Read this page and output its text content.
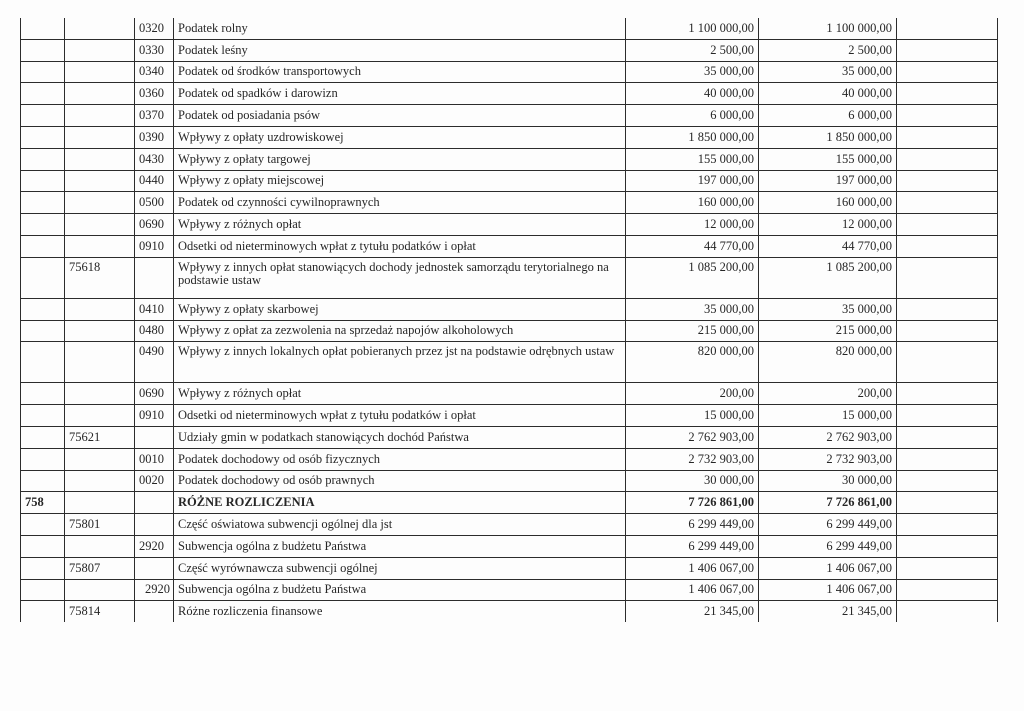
		0320	Podatek rolny	1 100 000,00	1 100 000,00	
		0330	Podatek leśny	2 500,00	2 500,00	
		0340	Podatek od środków transportowych	35 000,00	35 000,00	
		0360	Podatek od spadków i darowizn	40 000,00	40 000,00	
		0370	Podatek od posiadania psów	6 000,00	6 000,00	
		0390	Wpływy z opłaty uzdrowiskowej	1 850 000,00	1 850 000,00	
		0430	Wpływy z opłaty targowej	155 000,00	155 000,00	
		0440	Wpływy z opłaty miejscowej	197 000,00	197 000,00	
		0500	Podatek od czynności cywilnoprawnych	160 000,00	160 000,00	
		0690	Wpływy z różnych opłat	12 000,00	12 000,00	
		0910	Odsetki od nieterminowych wpłat z tytułu podatków i opłat	44 770,00	44 770,00	
	75618		Wpływy z innych opłat stanowiących dochody jednostek samorządu terytorialnego na podstawie ustaw	1 085 200,00	1 085 200,00	
		0410	Wpływy z opłaty skarbowej	35 000,00	35 000,00	
		0480	Wpływy z opłat za zezwolenia na sprzedaż napojów alkoholowych	215 000,00	215 000,00	
		0490	Wpływy z innych lokalnych opłat pobieranych przez jst na podstawie odrębnych ustaw	820 000,00	820 000,00	
		0690	Wpływy z różnych opłat	200,00	200,00	
		0910	Odsetki od nieterminowych wpłat z tytułu podatków i opłat	15 000,00	15 000,00	
	75621		Udziały gmin w podatkach stanowiących dochód Państwa	2 762 903,00	2 762 903,00	
		0010	Podatek dochodowy od osób fizycznych	2 732 903,00	2 732 903,00	
		0020	Podatek dochodowy od osób prawnych	30 000,00	30 000,00	
758			RÓŻNE ROZLICZENIA	7 726 861,00	7 726 861,00	
	75801		Część oświatowa subwencji ogólnej dla jst	6 299 449,00	6 299 449,00	
		2920	Subwencja ogólna z budżetu Państwa	6 299 449,00	6 299 449,00	
	75807		Część wyrównawcza subwencji ogólnej	1 406 067,00	1 406 067,00	
		2920	Subwencja ogólna z budżetu Państwa	1 406 067,00	1 406 067,00	
	75814		Różne rozliczenia finansowe	21 345,00	21 345,00	
